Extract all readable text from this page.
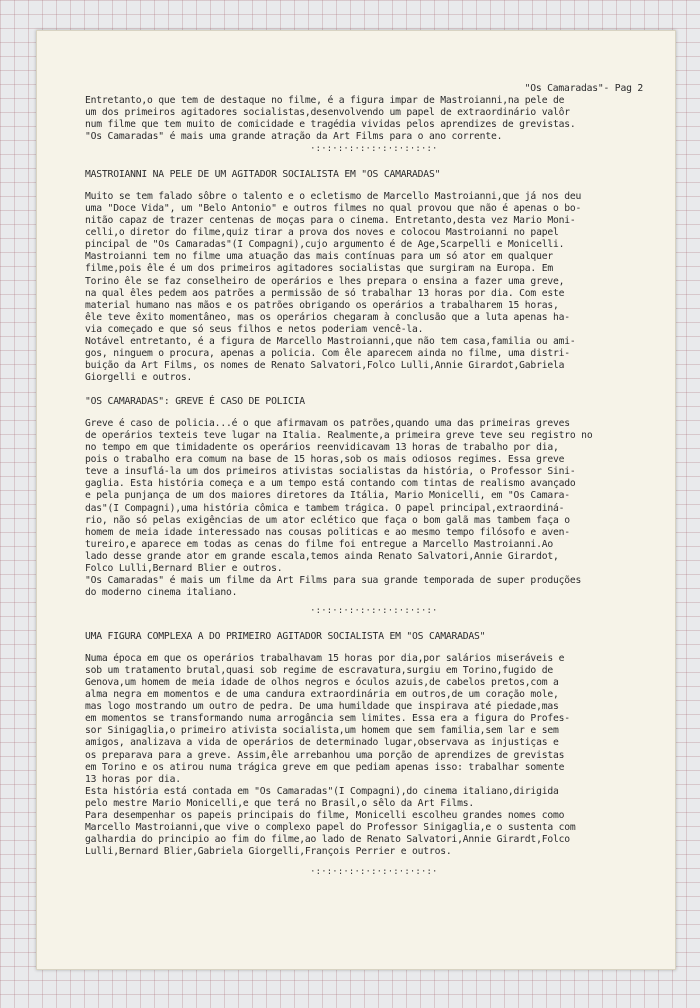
"Os Camaradas"- Pag 2
Entretanto,o que tem de destaque no filme, é a figura impar de Mastroianni,na pele de
um dos primeiros agitadores socialistas,desenvolvendo um papel de extraordinário valôr
num filme que tem muito de comicidade e tragédia vividas pelos aprendizes de grevistas.
"Os Camaradas" é mais uma grande atração da Art Films para o ano corrente.
·:·:·:·:·:·:·:·:·:·:·:·
MASTROIANNI NA PELE DE UM AGITADOR SOCIALISTA EM "OS CAMARADAS"
Muito se tem falado sôbre o talento e o ecletismo de Marcello Mastroianni,que já nos deu
uma "Doce Vida", um "Belo Antonio" e outros filmes no qual provou que não é apenas o bo-
nitão capaz de trazer centenas de moças para o cinema. Entretanto,desta vez Mario Moni-
celli,o diretor do filme,quiz tirar a prova dos noves e colocou Mastroianni no papel
pincipal de "Os Camaradas"(I Compagni),cujo argumento é de Age,Scarpelli e Monicelli.
Mastroianni tem no filme uma atuação das mais contínuas para um só ator em qualquer
filme,pois êle é um dos primeiros agitadores socialistas que surgiram na Europa. Em
Torino êle se faz conselheiro de operários e lhes prepara o ensina a fazer uma greve,
na qual êles pedem aos patrões a permissão de só trabalhar 13 horas por dia. Com este
material humano nas mãos e os patrões obrigando os operários a trabalharem 15 horas,
êle teve êxito momentâneo, mas os operários chegaram à conclusão que a luta apenas ha-
via começado e que só seus filhos e netos poderiam vencê-la.
Notável entretanto, é a figura de Marcello Mastroianni,que não tem casa,familia ou ami-
gos, ninguem o procura, apenas a policia. Com êle aparecem ainda no filme, uma distri-
buição da Art Films, os nomes de Renato Salvatori,Folco Lulli,Annie Girardot,Gabriela
Giorgelli e outros.
"OS CAMARADAS": GREVE É CASO DE POLICIA
Greve é caso de policia...é o que afirmavam os patrões,quando uma das primeiras greves
de operários texteis teve lugar na Italia. Realmente,a primeira greve teve seu registro no
no tempo em que timidadente os operários reenvidicavam 13 horas de trabalho por dia,
pois o trabalho era comum na base de 15 horas,sob os mais odiosos regimes. Essa greve
teve a insuflá-la um dos primeiros ativistas socialistas da história, o Professor Sini-
gaglia. Esta história começa e a um tempo está contando com tintas de realismo avançado
e pela punjança de um dos maiores diretores da Itália, Mario Monicelli, em "Os Camara-
das"(I Compagni),uma história cômica e tambem trágica. O papel principal,extraordiná-
rio, não só pelas exigências de um ator eclético que faça o bom galã mas tambem faça o
homem de meia idade interessado nas cousas politicas e ao mesmo tempo filósofo e aven-
tureiro,e aparece em todas as cenas do filme foi entregue a Marcello Mastroianni.Ao
lado desse grande ator em grande escala,temos ainda Renato Salvatori,Annie Girardot,
Folco Lulli,Bernard Blier e outros.
"Os Camaradas" é mais um filme da Art Films para sua grande temporada de super produções
do moderno cinema italiano.
·:·:·:·:·:·:·:·:·:·:·:·
UMA FIGURA COMPLEXA A DO PRIMEIRO AGITADOR SOCIALISTA EM "OS CAMARADAS"
Numa época em que os operários trabalhavam 15 horas por dia,por salários miseráveis e
sob um tratamento brutal,quasi sob regime de escravatura,surgiu em Torino,fugido de
Genova,um homem de meia idade de olhos negros e óculos azuis,de cabelos pretos,com a
alma negra em momentos e de uma candura extraordinária em outros,de um coração mole,
mas logo mostrando um outro de pedra. De uma humildade que inspirava até piedade,mas
em momentos se transformando numa arrogância sem limites. Essa era a figura do Profes-
sor Sinigaglia,o primeiro ativista socialista,um homem que sem familia,sem lar e sem
amigos, analizava a vida de operários de determinado lugar,observava as injustiças e
os preparava para a greve. Assim,êle arrebanhou uma porção de aprendizes de grevistas
em Torino e os atirou numa trágica greve em que pediam apenas isso: trabalhar somente
13 horas por dia.
Esta história está contada em "Os Camaradas"(I Compagni),do cinema italiano,dirigida
pelo mestre Mario Monicelli,e que terá no Brasil,o sêlo da Art Films.
Para desempenhar os papeis principais do filme, Monicelli escolheu grandes nomes como
Marcello Mastroianni,que vive o complexo papel do Professor Sinigaglia,e o sustenta com
galhardia do principio ao fim do filme,ao lado de Renato Salvatori,Annie Girardt,Folco
Lulli,Bernard Blier,Gabriela Giorgelli,François Perrier e outros.
·:·:·:·:·:·:·:·:·:·:·:·
